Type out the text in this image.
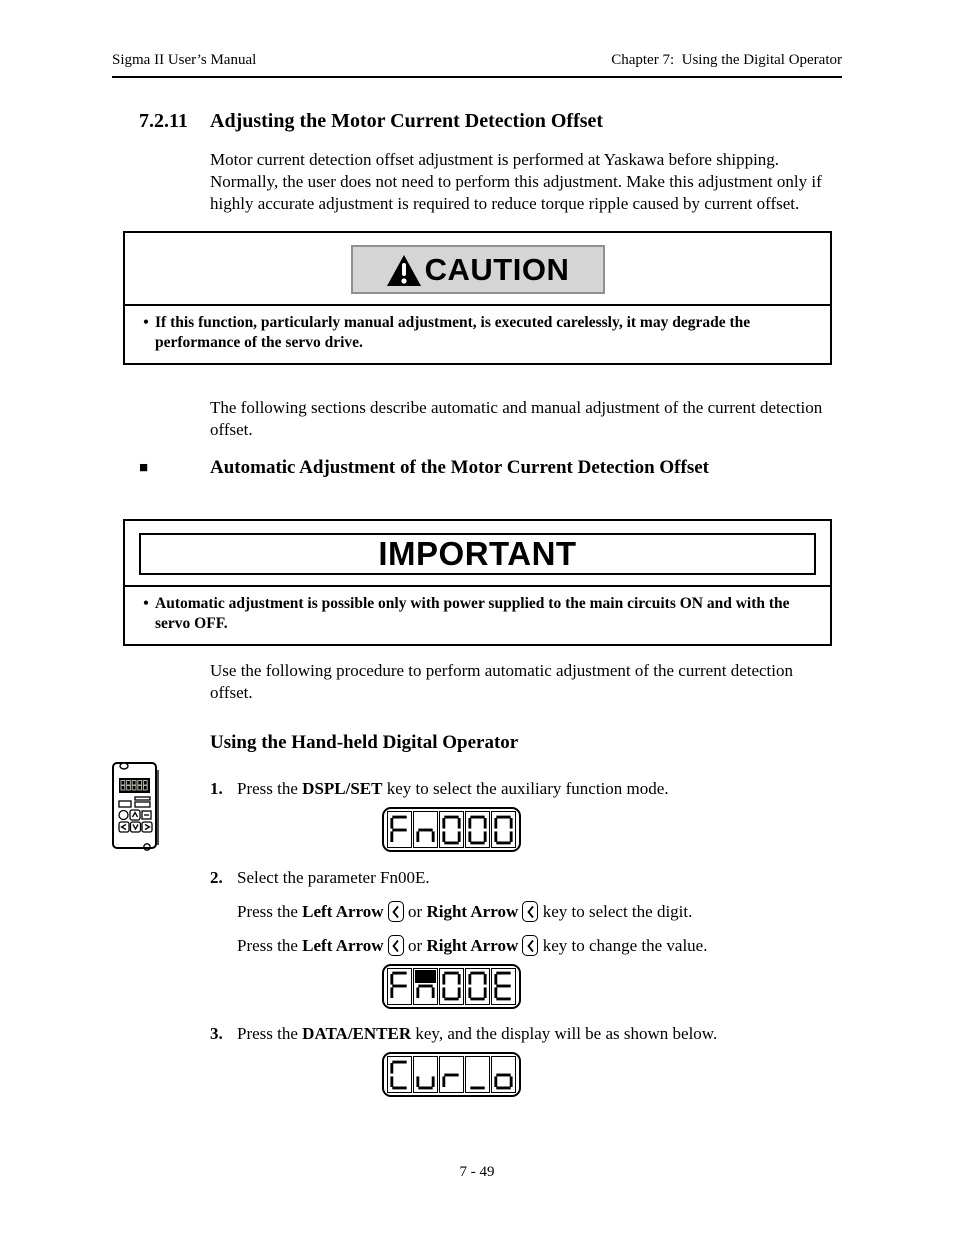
Sigma II User’s Manual	Chapter 7:  Using the Digital Operator
7.2.11	Adjusting the Motor Current Detection Offset

Motor current detection offset adjustment is performed at Yaskawa before shipping. Normally, the user does not need to perform this adjustment. Make this adjustment only if highly accurate adjustment is required to reduce torque ripple caused by current offset.

CAUTION
• If this function, particularly manual adjustment, is executed carelessly, it may degrade the performance of the servo drive.

The following sections describe automatic and manual adjustment of the current detection offset.

■	Automatic Adjustment of the Motor Current Detection Offset
IMPORTANT
• Automatic adjustment is possible only with power supplied to the main circuits ON and with the servo OFF.

Use the following procedure to perform automatic adjustment of the current detection offset.

Using the Hand-held Digital Operator
1. Press the DSPL/SET key to select the auxiliary function mode.
2. Select the parameter Fn00E.
Press the Left Arrow
or Right Arrow
key to select the digit.
Press the Left Arrow
or Right Arrow
key to change the value.
3. Press the DATA/ENTER key, and the display will be as shown below.
7 - 49
